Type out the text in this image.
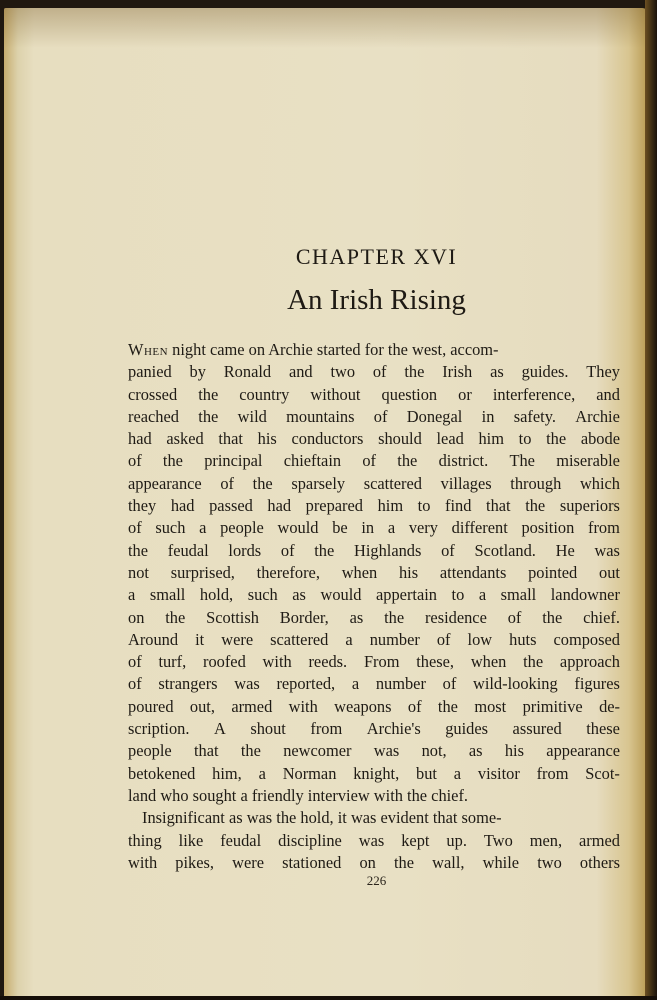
CHAPTER XVI
An Irish Rising
When night came on Archie started for the west, accom-
panied by Ronald and two of the Irish as guides. They
crossed the country without question or interference, and
reached the wild mountains of Donegal in safety. Archie
had asked that his conductors should lead him to the abode
of the principal chieftain of the district. The miserable
appearance of the sparsely scattered villages through which
they had passed had prepared him to find that the superiors
of such a people would be in a very different position from
the feudal lords of the Highlands of Scotland. He was
not surprised, therefore, when his attendants pointed out
a small hold, such as would appertain to a small landowner
on the Scottish Border, as the residence of the chief.
Around it were scattered a number of low huts composed
of turf, roofed with reeds. From these, when the approach
of strangers was reported, a number of wild-looking figures
poured out, armed with weapons of the most primitive de-
scription. A shout from Archie's guides assured these
people that the newcomer was not, as his appearance
betokened him, a Norman knight, but a visitor from Scot-
land who sought a friendly interview with the chief.
Insignificant as was the hold, it was evident that some-
thing like feudal discipline was kept up. Two men, armed
with pikes, were stationed on the wall, while two others
226
